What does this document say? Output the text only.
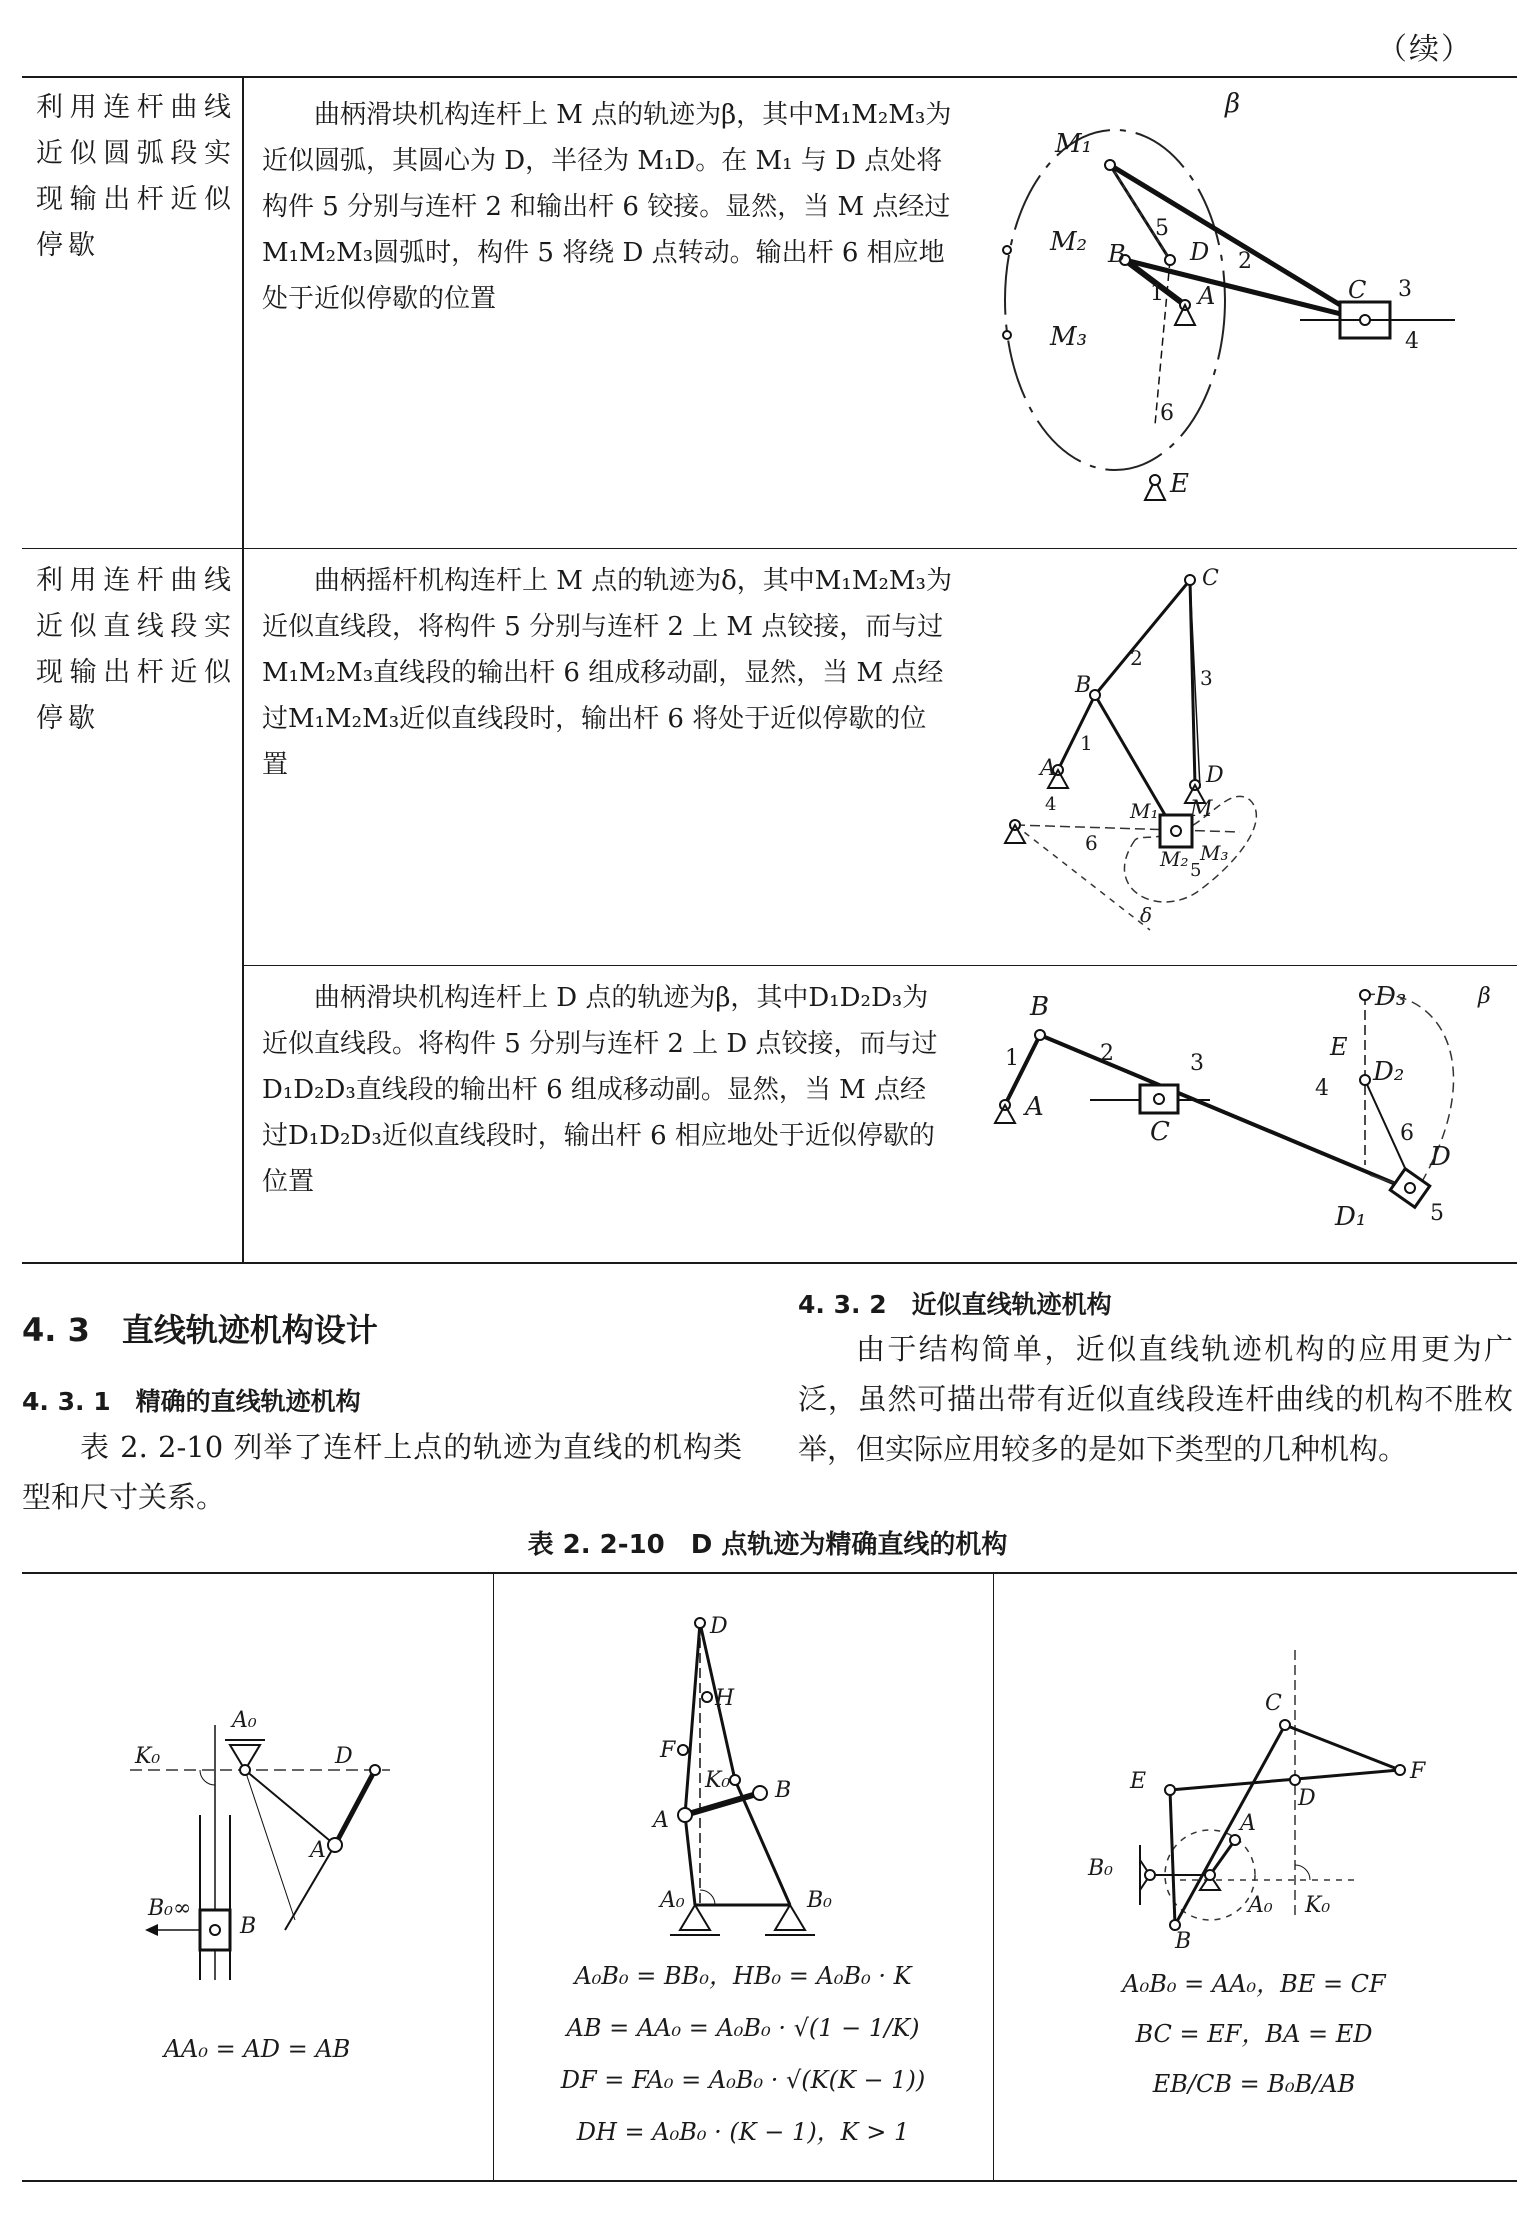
（续）
利用连杆曲线近似圆弧段实现输出杆近似停歇
曲柄滑块机构连杆上 M 点的轨迹为β，其中M₁M₂M₃为近似圆弧，其圆心为 D，半径为 M₁D。在 M₁ 与 D 点处将构件 5 分别与连杆 2 和输出杆 6 铰接。显然，当 M 点经过M₁M₂M₃圆弧时，构件 5 将绕 D 点转动。输出杆 6 相应地处于近似停歇的位置
M₁
β
M₂ B	D 2
C 3
5
1 A
4
M₃
6
E
利用连杆曲线近似直线段实现输出杆近似停歇
曲柄摇杆机构连杆上 M 点的轨迹为δ，其中M₁M₂M₃为近似直线段，将构件 5 分别与连杆 2 上 M 点铰接，而与过M₁M₂M₃直线段的输出杆 6 组成移动副，显然，当 M 点经过M₁M₂M₃近似直线段时，输出杆 6 将处于近似停歇的位置
C
2
3
B
1
A
4
D
M₁ M
6
M₂ M₃
5
δ
曲柄滑块机构连杆上 D 点的轨迹为β，其中D₁D₂D₃为近似直线段。将构件 5 分别与连杆 2 上 D 点铰接，而与过D₁D₂D₃直线段的输出杆 6 组成移动副。显然，当 M 点经过D₁D₂D₃近似直线段时，输出杆 6 相应地处于近似停歇的位置
B
1
A
2	3
C
D₃	β
E
4
D₂
6
D
D₁	5
4. 3　直线轨迹机构设计
4. 3. 1　精确的直线轨迹机构
表 2. 2-10 列举了连杆上点的轨迹为直线的机构类型和尺寸关系。
4. 3. 2　近似直线轨迹机构
由于结构简单，近似直线轨迹机构的应用更为广泛，虽然可描出带有近似直线段连杆曲线的机构不胜枚举，但实际应用较多的是如下类型的几种机构。
表 2. 2-10　D 点轨迹为精确直线的机构
A₀
K₀	D
A
B₀∞
B
AA₀ = AD = AB
D
H
F
K₀ B
A
A₀	B₀
A₀B₀ = BB₀，HB₀ = A₀B₀ · K
AB = AA₀ = A₀B₀ · √(1 − 1/K)
DF = FA₀ = A₀B₀ · √(K(K − 1))
DH = A₀B₀ · (K − 1)，K > 1
C
F
E
D
A
B₀
A₀ K₀
B
A₀B₀ = AA₀，BE = CF
BC = EF，BA = ED
EB/CB = B₀B/AB
